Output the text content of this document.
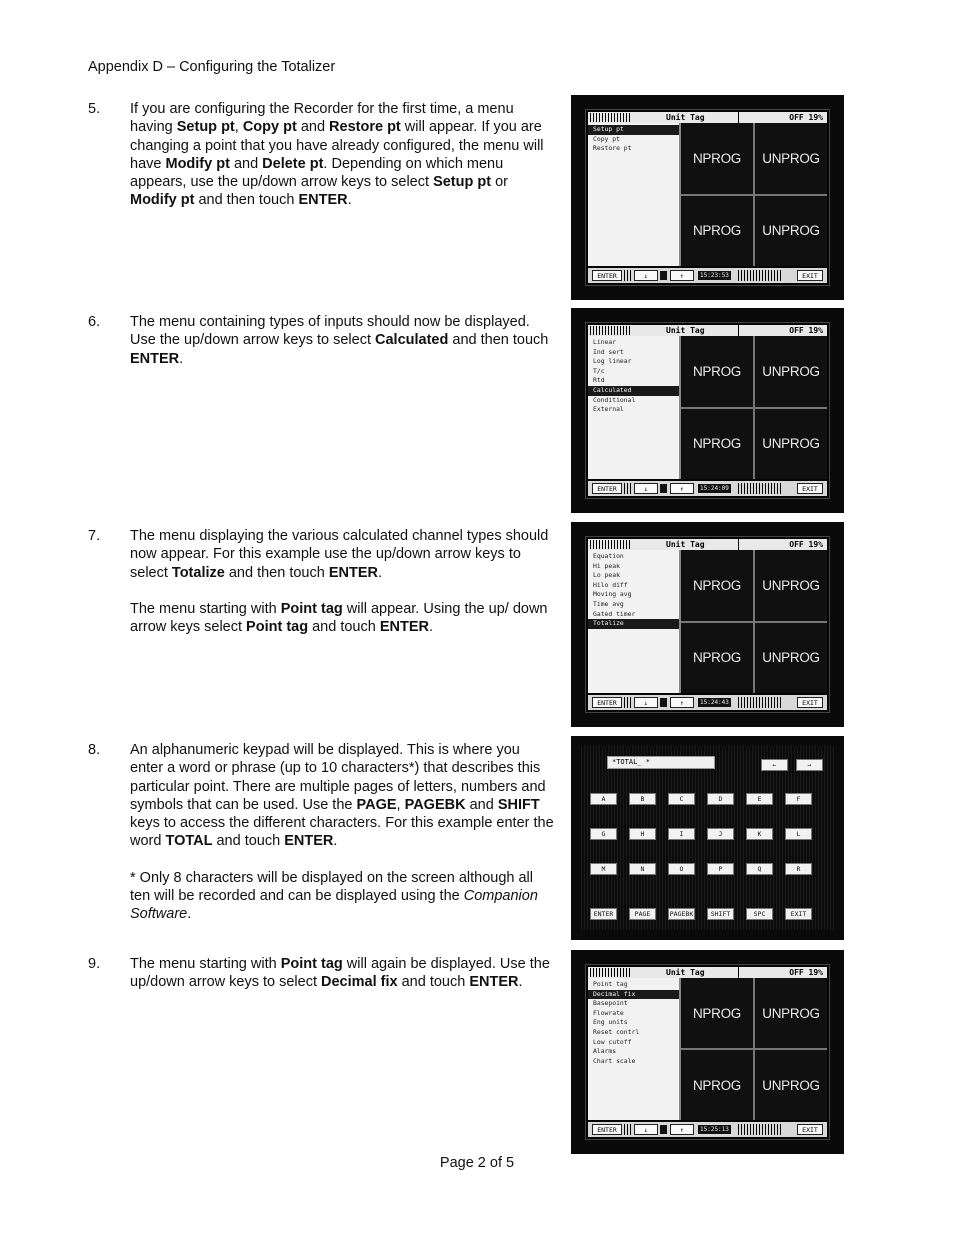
Appendix D – Configuring the Totalizer
5. If you are configuring the Recorder for the first time, a menu having Setup pt, Copy pt and Restore pt will appear. If you are changing a point that you have already configured, the menu will have Modify pt and Delete pt. Depending on which menu appears, use the up/down arrow keys to select Setup pt or Modify pt and then touch ENTER.
6. The menu containing types of inputs should now be displayed. Use the up/down arrow keys to select Calculated and then touch ENTER.
7. The menu displaying the various calculated channel types should now appear. For this example use the up/down arrow keys to select Totalize and then touch ENTER.
The menu starting with Point tag will appear. Using the up/ down arrow keys select Point tag and touch ENTER.
8. An alphanumeric keypad will be displayed. This is where you enter a word or phrase (up to 10 characters*) that describes this particular point. There are multiple pages of letters, numbers and symbols that can be used. Use the PAGE, PAGEBK and SHIFT keys to access the different characters. For this example enter the word TOTAL and touch ENTER.
* Only 8 characters will be displayed on the screen although all ten will be recorded and can be displayed using the Companion Software.
9. The menu starting with Point tag will again be displayed. Use the up/down arrow keys to select Decimal fix and touch ENTER.
Unit Tag	OFF 19%
Setup pt
Copy pt
Restore pt
NPROG	UNPROG
NPROG	UNPROG
ENTER	↓	↑	15:23:53	EXIT
Unit Tag	OFF 19%
Linear
Ind sert
Log linear
T/c
Rtd
Calculated
Conditional
External
NPROG	UNPROG
NPROG	UNPROG
ENTER	↓	↑	15:24:09	EXIT
Unit Tag	OFF 19%
Equation
Hi peak
Lo peak
Hilo diff
Moving avg
Time avg
Gated timer
Totalize
NPROG	UNPROG
NPROG	UNPROG
ENTER	↓	↑	15:24:43	EXIT
*TOTAL_ *	←	→
A	B	C	D	E	F
G	H	I	J	K	L
M	N	O	P	Q	R
ENTER	PAGE	PAGEBK	SHIFT	SPC	EXIT
Unit Tag	OFF 19%
Point tag
Decimal fix
Basepoint
Flowrate
Eng units
Reset contrl
Low cutoff
Alarms
Chart scale
NPROG	UNPROG
NPROG	UNPROG
ENTER	↓	↑	15:25:13	EXIT
Page 2 of 5
